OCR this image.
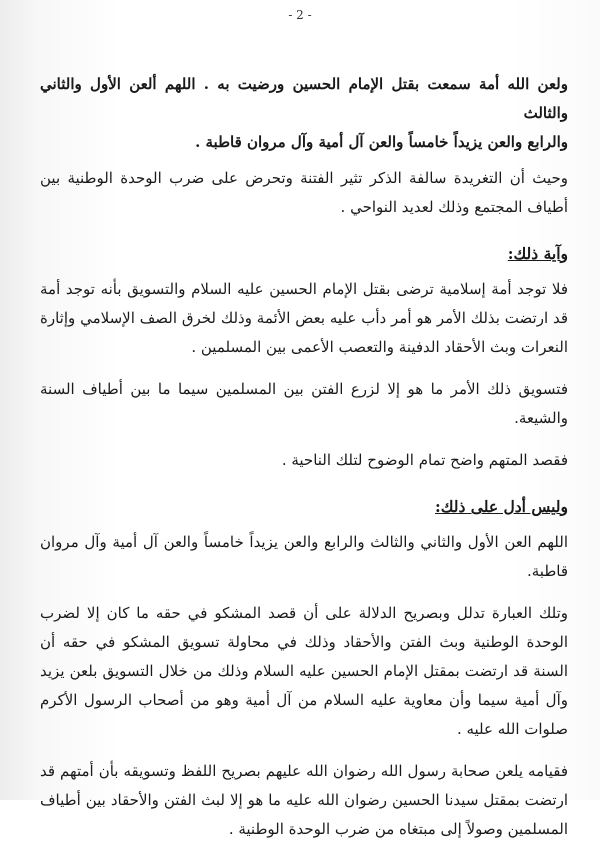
- 2 -

ولعن الله أمة سمعت بقتل الإمام الحسين ورضيت به . اللهم ألعن الأول والثاني والثالث

والرابع والعن يزيداً خامساً والعن آل أمية وآل مروان قاطبة .

وحيث أن التغريدة سالفة الذكر تثير الفتنة وتحرض على ضرب الوحدة الوطنية بين أطياف المجتمع وذلك لعديد النواحي .

وآية ذلك:

فلا توجد أمة إسلامية ترضى بقتل الإمام الحسين عليه السلام والتسويق بأنه توجد أمة قد ارتضت بذلك الأمر هو أمر دأب عليه بعض الأئمة وذلك لخرق الصف الإسلامي وإثارة النعرات وبث الأحقاد الدفينة والتعصب الأعمى بين المسلمين .

فتسويق ذلك الأمر ما هو إلا لزرع الفتن بين المسلمين سيما ما بين أطياف السنة والشيعة.

فقصد المتهم واضح تمام الوضوح لتلك الناحية .

وليس أدل على ذلك:

اللهم العن الأول والثاني والثالث والرابع والعن يزيداً خامساً والعن آل أمية وآل مروان قاطبة.

وتلك العبارة تدلل وبصريح الدلالة على أن قصد المشكو في حقه ما كان إلا لضرب الوحدة الوطنية وبث الفتن والأحقاد وذلك في محاولة تسويق المشكو في حقه أن السنة قد ارتضت بمقتل الإمام الحسين عليه السلام وذلك من خلال التسويق بلعن يزيد وآل أمية سيما وأن معاوية عليه السلام من آل أمية وهو من أصحاب الرسول الأكرم صلوات الله عليه .

فقيامه يلعن صحابة رسول الله رضوان الله عليهم بصريح اللفظ وتسويقه بأن أمتهم قد ارتضت بمقتل سيدنا الحسين رضوان الله عليه ما هو إلا لبث الفتن والأحقاد بين أطياف المسلمين وصولاً إلى مبتغاه من ضرب الوحدة الوطنية .
